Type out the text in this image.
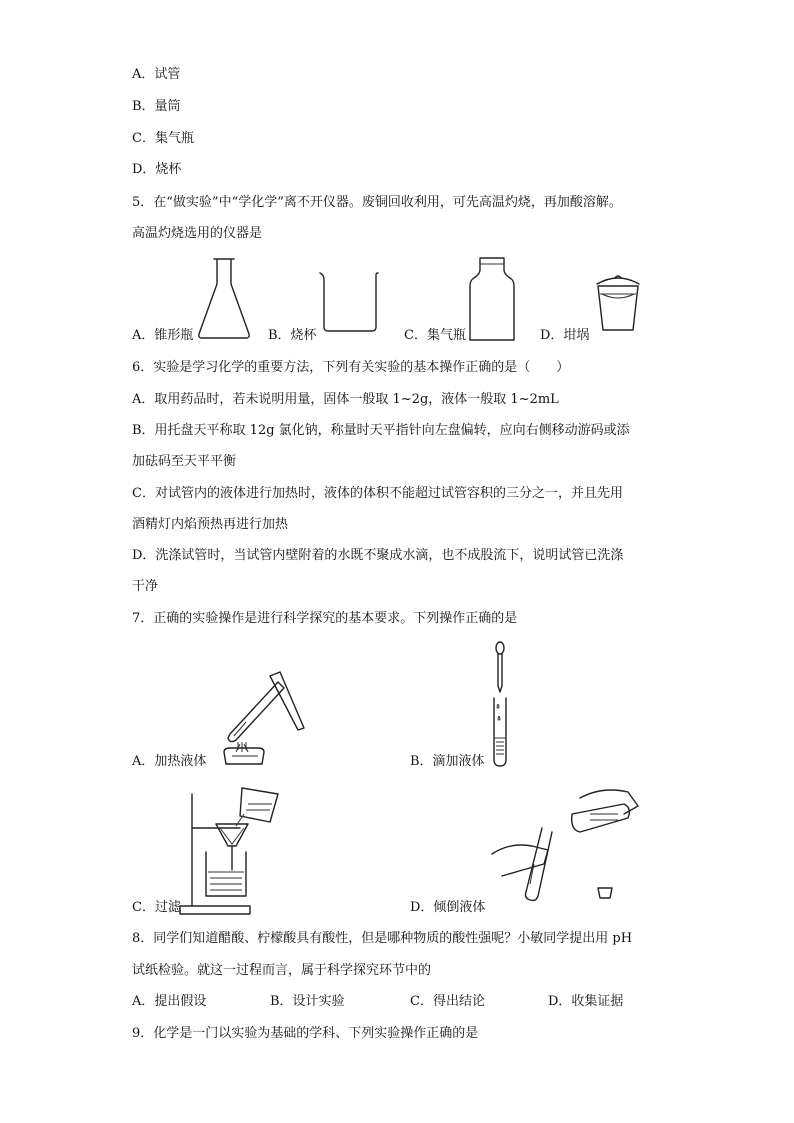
A．试管
B．量筒
C．集气瓶
D．烧杯
5．在“做实验”中“学化学”离不开仪器。废铜回收利用，可先高温灼烧，再加酸溶解。
高温灼烧选用的仪器是
A．锥形瓶	B．烧杯	C．集气瓶	D．坩埚
6．实验是学习化学的重要方法，下列有关实验的基本操作正确的是（　　）
A．取用药品时，若未说明用量，固体一般取 1~2g，液体一般取 1~2mL
B．用托盘天平称取 12g 氯化钠，称量时天平指针向左盘偏转，应向右侧移动游码或添
加砝码至天平平衡
C．对试管内的液体进行加热时，液体的体积不能超过试管容积的三分之一，并且先用
酒精灯内焰预热再进行加热
D．洗涤试管时，当试管内壁附着的水既不聚成水滴，也不成股流下，说明试管已洗涤
干净
7．正确的实验操作是进行科学探究的基本要求。下列操作正确的是
A．加热液体	B．滴加液体
C．过滤	D．倾倒液体
8．同学们知道醋酸、柠檬酸具有酸性，但是哪种物质的酸性强呢？小敏同学提出用 pH
试纸检验。就这一过程而言，属于科学探究环节中的
A．提出假设	B．设计实验	C．得出结论	D．收集证据
9．化学是一门以实验为基础的学科、下列实验操作正确的是
